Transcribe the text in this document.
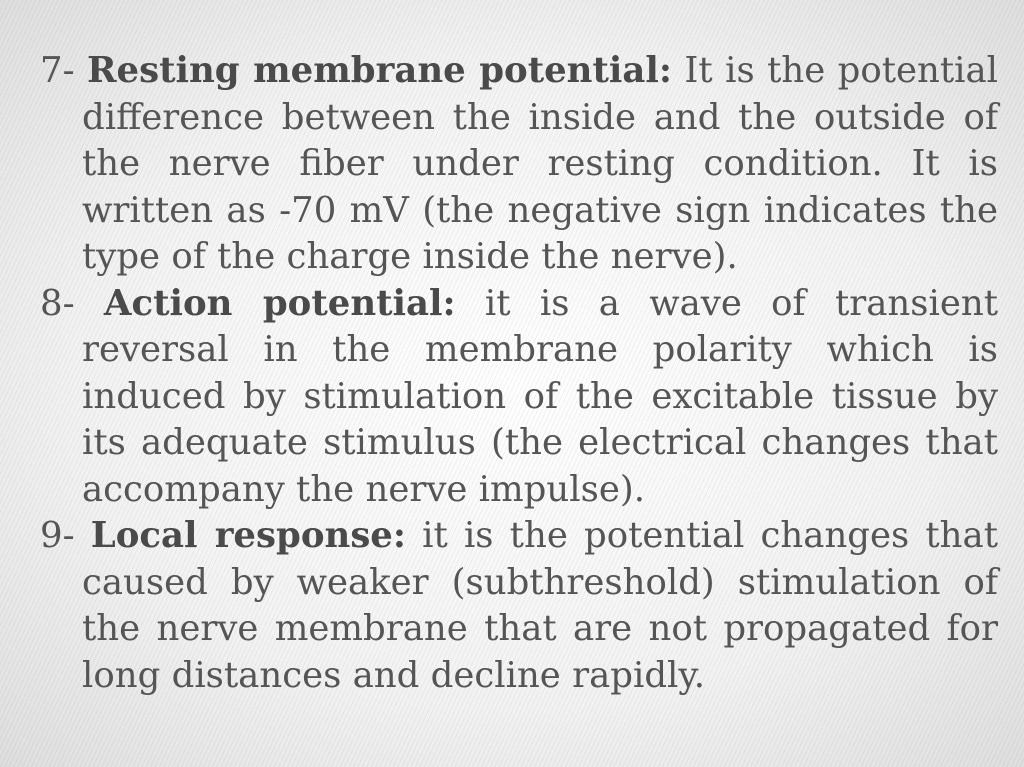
7- Resting membrane potential: It is the potential difference between the inside and the outside of the nerve fiber under resting condition. It is written as -70 mV (the negative sign indicates the type of the charge inside the nerve).
8- Action potential: it is a wave of transient reversal in the membrane polarity which is induced by stimulation of the excitable tissue by its adequate stimulus (the electrical changes that accompany the nerve impulse).
9- Local response: it is the potential changes that caused by weaker (subthreshold) stimulation of the nerve membrane that are not propagated for long distances and decline rapidly.
